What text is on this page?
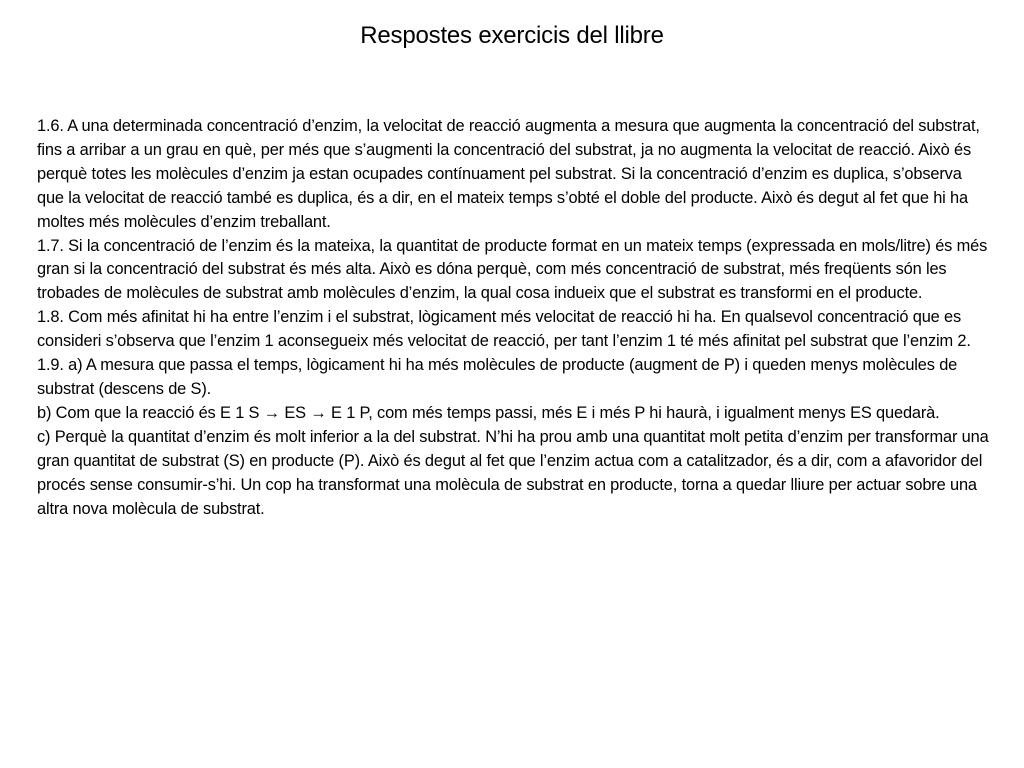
Respostes exercicis del llibre

1.6. A una determinada concentració d’enzim, la velocitat de reacció augmenta a mesura que augmenta la concentració del substrat, fins a arribar a un grau en què, per més que s’augmenti la concentració del substrat, ja no augmenta la velocitat de reacció. Això és perquè totes les molècules d’enzim ja estan ocupades contínuament pel substrat. Si la concentració d’enzim es duplica, s’observa que la velocitat de reacció també es duplica, és a dir, en el mateix temps s’obté el doble del producte. Això és degut al fet que hi ha moltes més molècules d’enzim treballant.

1.7. Si la concentració de l’enzim és la mateixa, la quantitat de producte format en un mateix temps (expressada en mols/litre) és més gran si la concentració del substrat és més alta. Això es dóna perquè, com més concentració de substrat, més freqüents són les trobades de molècules de substrat amb molècules d’enzim, la qual cosa indueix que el substrat es transformi en el producte.

1.8. Com més afinitat hi ha entre l’enzim i el substrat, lògicament més velocitat de reacció hi ha. En qualsevol concentració que es consideri s’observa que l’enzim 1 aconsegueix més velocitat de reacció, per tant l’enzim 1 té més afinitat pel substrat que l’enzim 2.

1.9. a) A mesura que passa el temps, lògicament hi ha més molècules de producte (augment de P) i queden menys molècules de substrat (descens de S).

b) Com que la reacció és E 1 S → ES → E 1 P, com més temps passi, més E i més P hi haurà, i igualment menys ES quedarà.

c) Perquè la quantitat d’enzim és molt inferior a la del substrat. N’hi ha prou amb una quantitat molt petita d’enzim per transformar una gran quantitat de substrat (S) en producte (P). Això és degut al fet que l’enzim actua com a catalitzador, és a dir, com a afavoridor del procés sense consumir-s’hi. Un cop ha transformat una molècula de substrat en producte, torna a quedar lliure per actuar sobre una altra nova molècula de substrat.
